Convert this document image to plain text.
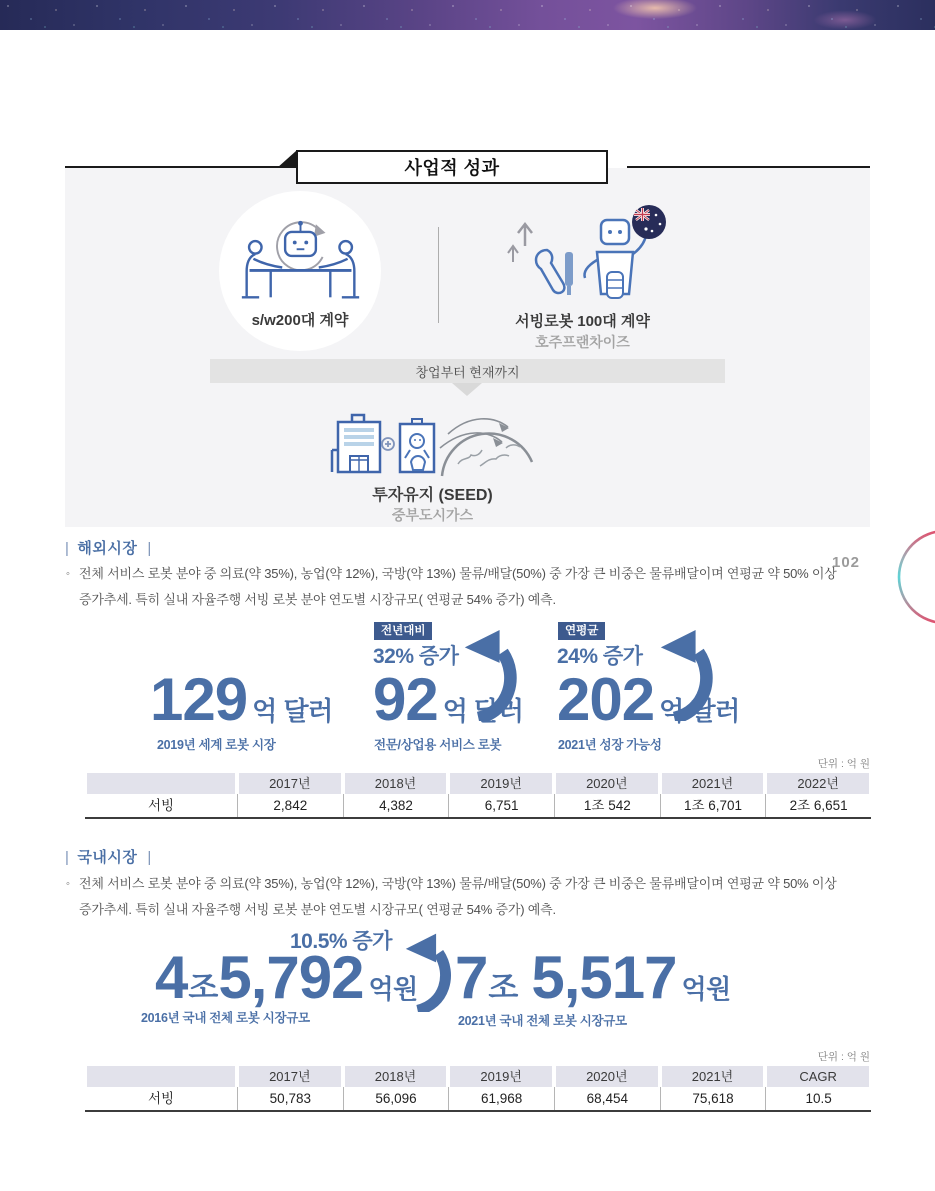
사업적 성과
s/w200대 계약	서빙로봇 100대 계약
호주프랜차이즈
창업부터 현재까지
투자유지 (SEED)
중부도시가스
102
| 해외시장 |
◦ 전체 서비스 로봇 분야 중 의료(약 35%), 농업(약 12%), 국방(약 13%) 물류/배달(50%) 중 가장 큰 비중은 물류배달이며 연평균 약 50% 이상
증가추세. 특히 실내 자율주행 서빙 로봇 분야 연도별 시장규모( 연평균 54% 증가) 예측.
129 억 달러
2019년 세계 로봇 시장
전년대비
32% 증가
92 억 달러
전문/상업용 서비스 로봇
연평균
24% 증가
202 억 달러
2021년 성장 가능성
단위 : 억 원
2017년	2018년	2019년	2020년	2021년	2022년
서빙	2,842	4,382	6,751	1조 542	1조 6,701	2조 6,651
| 국내시장 |
◦ 전체 서비스 로봇 분야 중 의료(약 35%), 농업(약 12%), 국방(약 13%) 물류/배달(50%) 중 가장 큰 비중은 물류배달이며 연평균 약 50% 이상
증가추세. 특히 실내 자율주행 서빙 로봇 분야 연도별 시장규모( 연평균 54% 증가) 예측.
10.5% 증가
4 조 5,792 억원
2016년 국내 전체 로봇 시장규모
7 조 5,517 억원
2021년 국내 전체 로봇 시장규모
단위 : 억 원
2017년	2018년	2019년	2020년	2021년	CAGR
서빙	50,783	56,096	61,968	68,454	75,618	10.5
